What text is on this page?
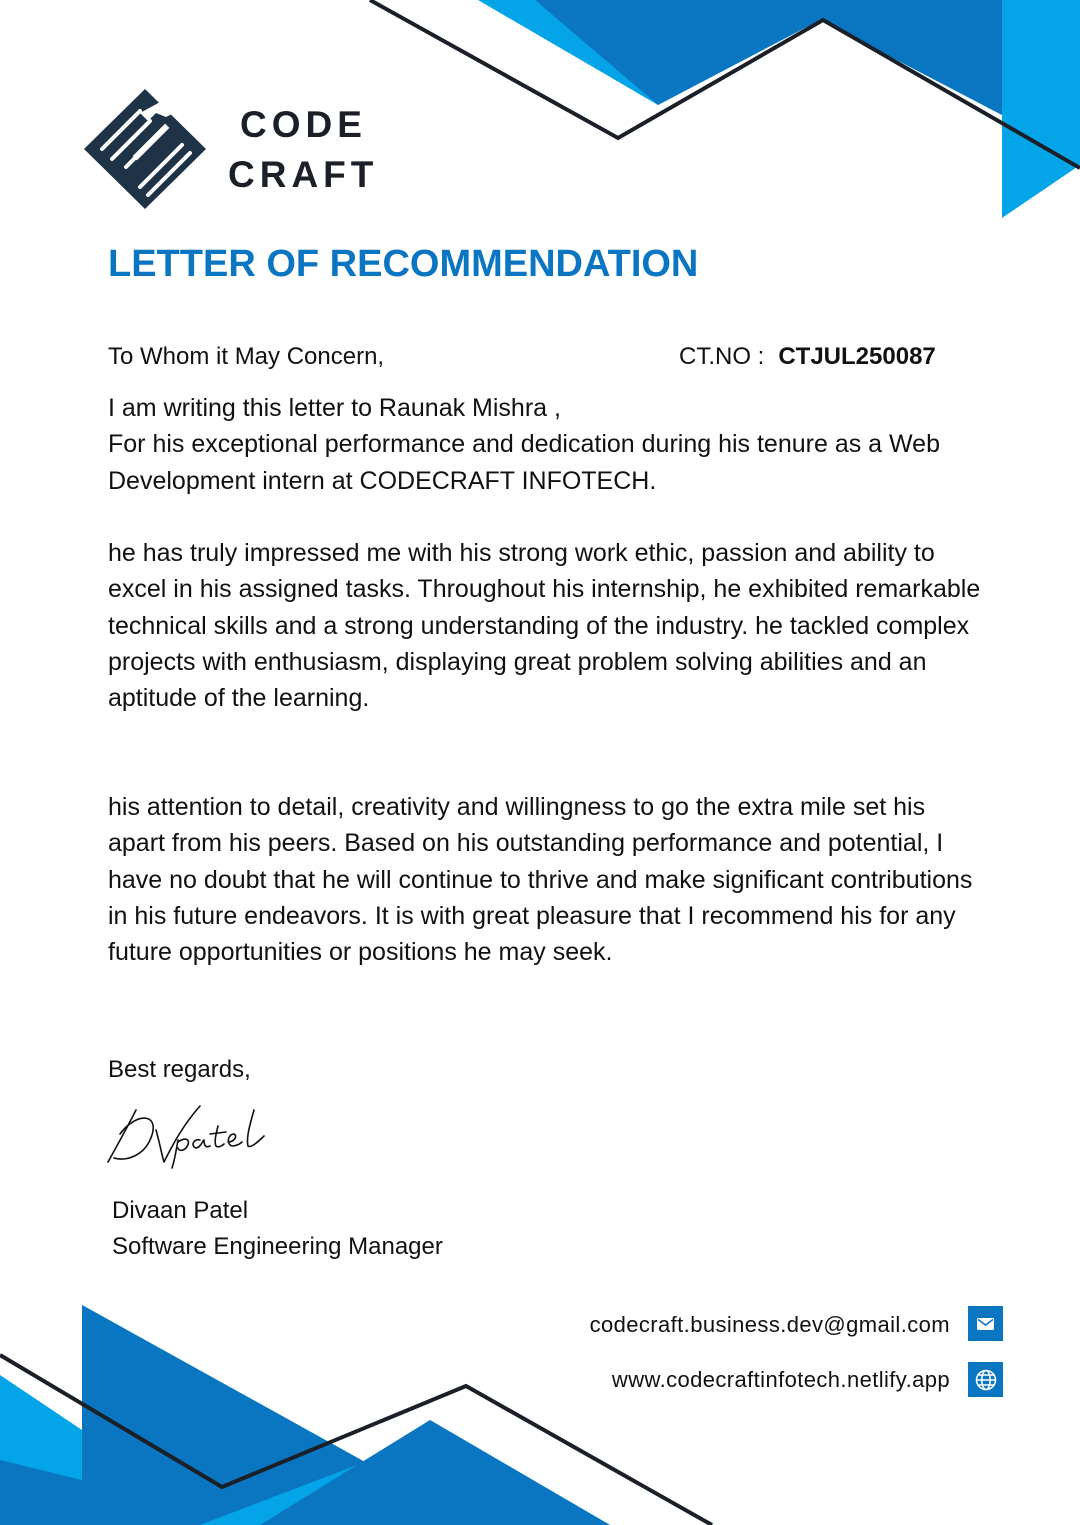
CODE
CRAFT
LETTER OF RECOMMENDATION
To Whom it May Concern,	CT.NO : CTJUL250087

I am writing this letter to Raunak Mishra ,
For his exceptional performance and dedication during his tenure as a Web Development intern at CODECRAFT INFOTECH.

he has truly impressed me with his strong work ethic, passion and ability to excel in his assigned tasks. Throughout his internship, he exhibited remarkable technical skills and a strong understanding of the industry. he tackled complex projects with enthusiasm, displaying great problem solving abilities and an aptitude of the learning.

his attention to detail, creativity and willingness to go the extra mile set his apart from his peers. Based on his outstanding performance and potential, I have no doubt that he will continue to thrive and make significant contributions in his future endeavors. It is with great pleasure that I recommend his for any future opportunities or positions he may seek.

Best regards,
Divaan Patel
Software Engineering Manager
codecraft.business.dev@gmail.com
www.codecraftinfotech.netlify.app
